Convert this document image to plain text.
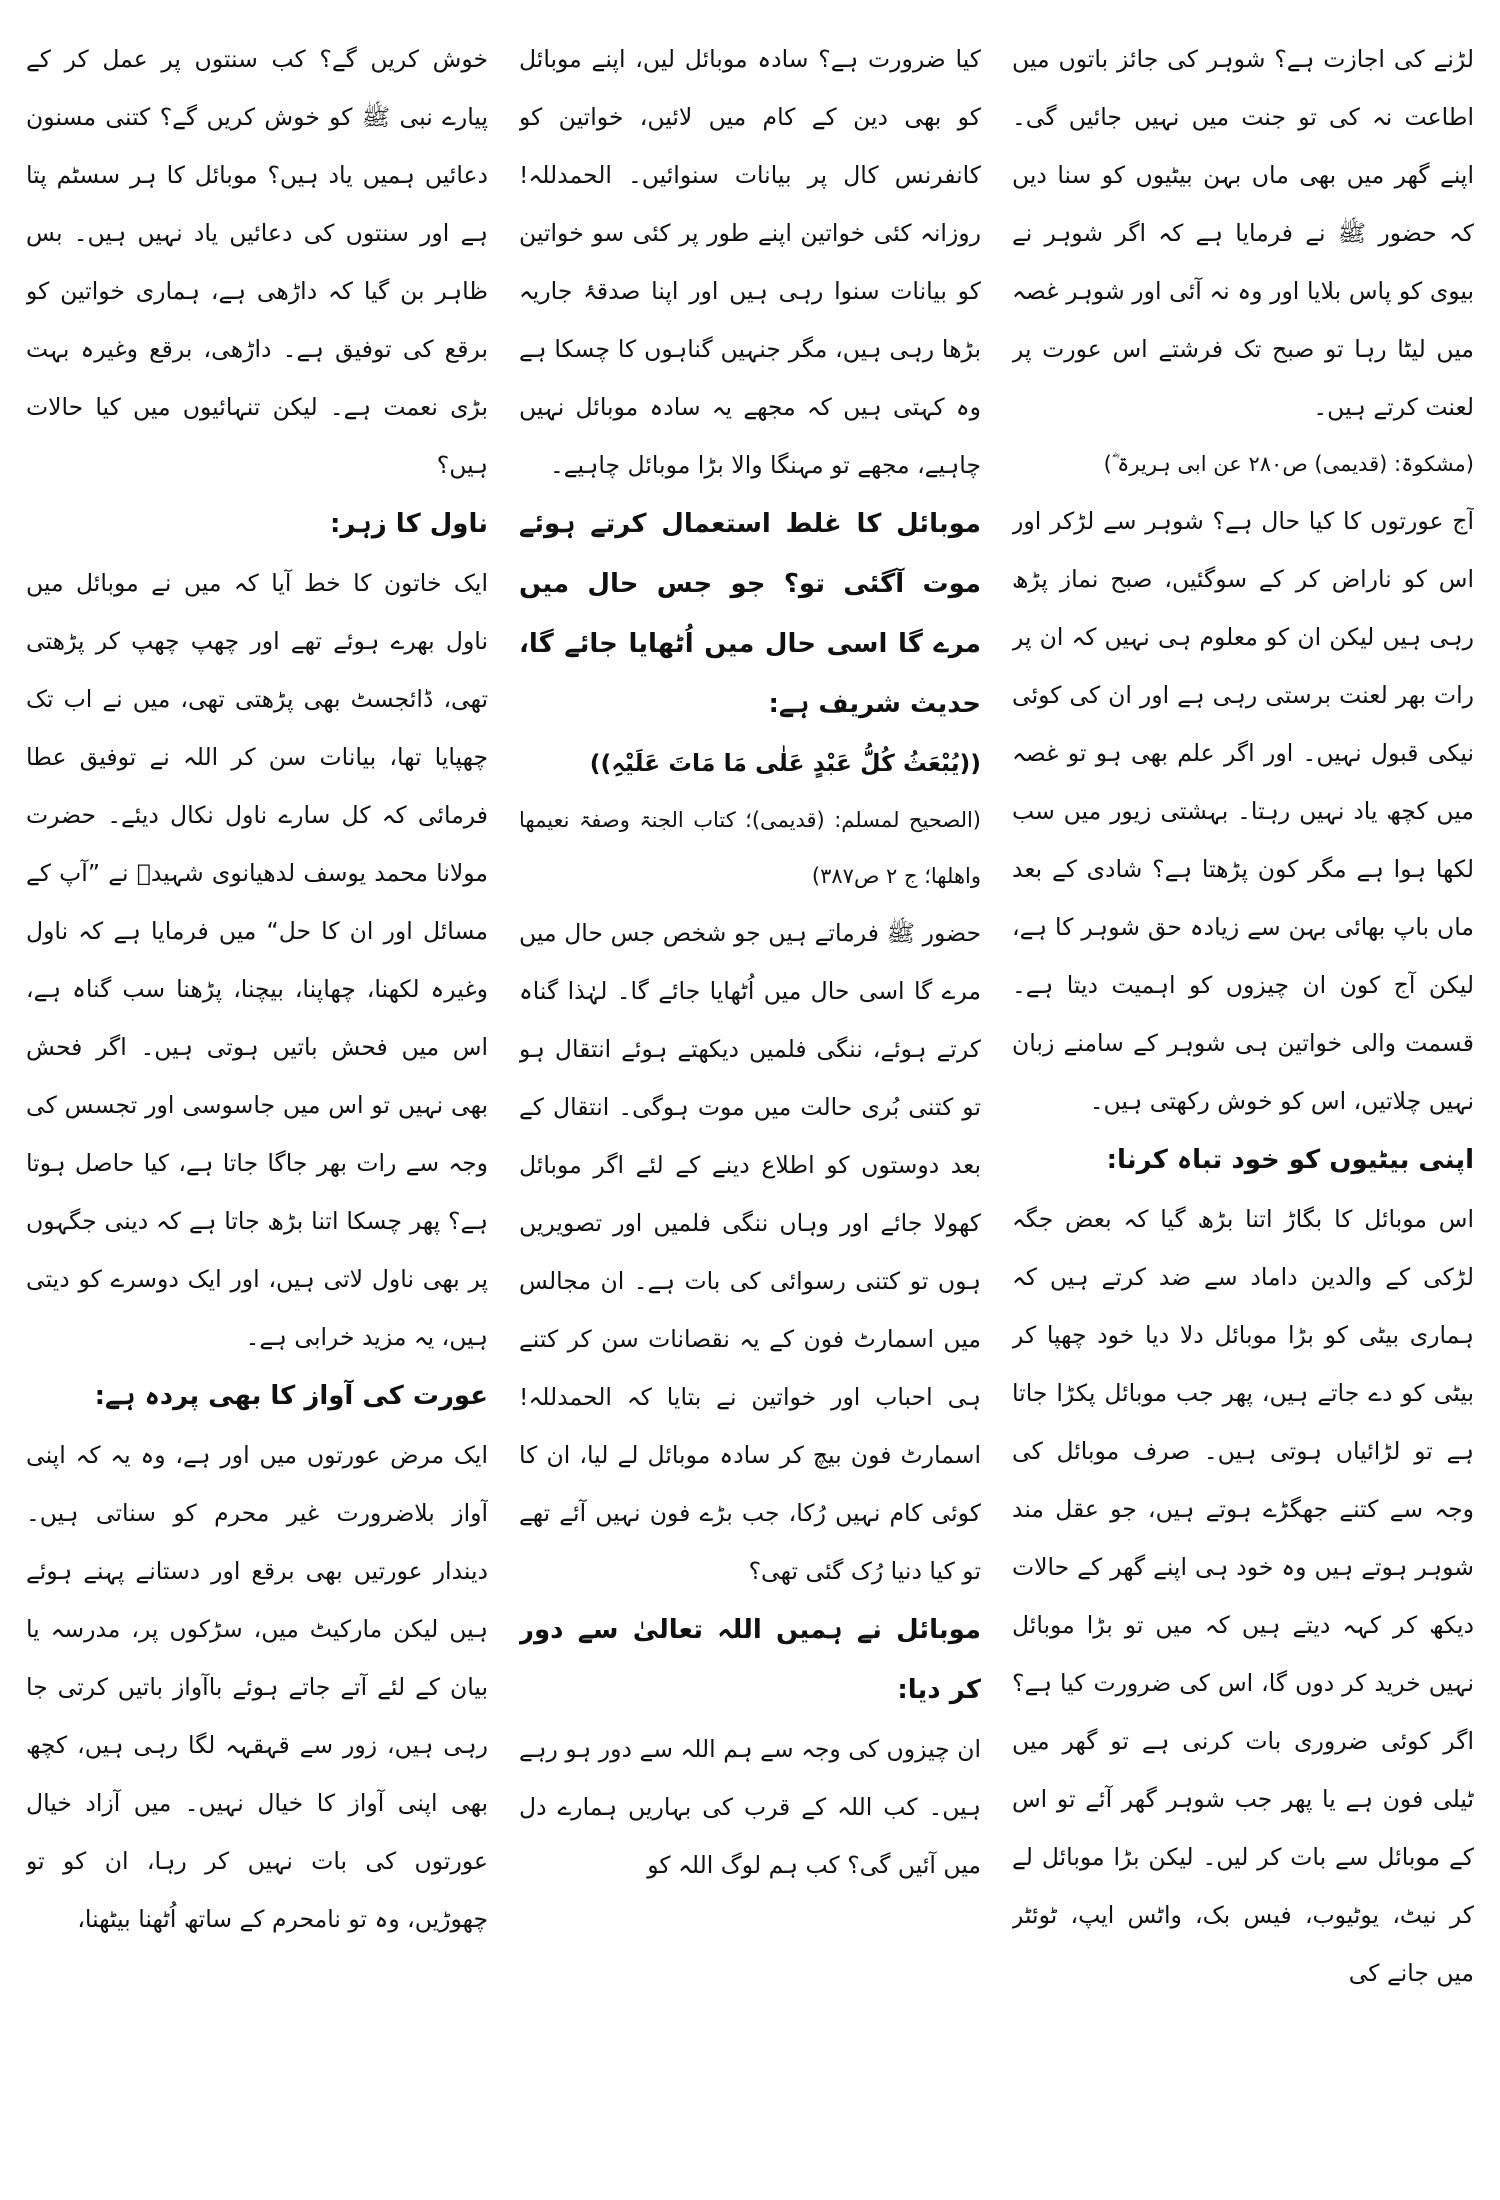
لڑنے کی اجازت ہے؟ شوہر کی جائز باتوں میں اطاعت نہ کی تو جنت میں نہیں جائیں گی۔ اپنے گھر میں بھی ماں بہن بیٹیوں کو سنا دیں کہ حضور ﷺ نے فرمایا ہے کہ اگر شوہر نے بیوی کو پاس بلایا اور وہ نہ آئی اور شوہر غصہ میں لیٹا رہا تو صبح تک فرشتے اس عورت پر لعنت کرتے ہیں۔

(مشکوۃ: (قدیمی) ص۲۸۰ عن ابی ہریرۃ ؓ)

آج عورتوں کا کیا حال ہے؟ شوہر سے لڑکر اور اس کو ناراض کر کے سوگئیں، صبح نماز پڑھ رہی ہیں لیکن ان کو معلوم ہی نہیں کہ ان پر رات بھر لعنت برستی رہی ہے اور ان کی کوئی نیکی قبول نہیں۔ اور اگر علم بھی ہو تو غصہ میں کچھ یاد نہیں رہتا۔ بہشتی زیور میں سب لکھا ہوا ہے مگر کون پڑھتا ہے؟ شادی کے بعد ماں باپ بھائی بہن سے زیادہ حق شوہر کا ہے، لیکن آج کون ان چیزوں کو اہمیت دیتا ہے۔ قسمت والی خواتین ہی شوہر کے سامنے زبان نہیں چلاتیں، اس کو خوش رکھتی ہیں۔

اپنی بیٹیوں کو خود تباہ کرنا:

اس موبائل کا بگاڑ اتنا بڑھ گیا کہ بعض جگہ لڑکی کے والدین داماد سے ضد کرتے ہیں کہ ہماری بیٹی کو بڑا موبائل دلا دیا خود چھپا کر بیٹی کو دے جاتے ہیں، پھر جب موبائل پکڑا جاتا ہے تو لڑائیاں ہوتی ہیں۔ صرف موبائل کی وجہ سے کتنے جھگڑے ہوتے ہیں، جو عقل مند شوہر ہوتے ہیں وہ خود ہی اپنے گھر کے حالات دیکھ کر کہہ دیتے ہیں کہ میں تو بڑا موبائل نہیں خرید کر دوں گا، اس کی ضرورت کیا ہے؟ اگر کوئی ضروری بات کرنی ہے تو گھر میں ٹیلی فون ہے یا پھر جب شوہر گھر آئے تو اس کے موبائل سے بات کر لیں۔ لیکن بڑا موبائل لے کر نیٹ، یوٹیوب، فیس بک، واٹس ایپ، ٹوئٹر میں جانے کی

کیا ضرورت ہے؟ سادہ موبائل لیں، اپنے موبائل کو بھی دین کے کام میں لائیں، خواتین کو کانفرنس کال پر بیانات سنوائیں۔ الحمدللہ! روزانہ کئی خواتین اپنے طور پر کئی سو خواتین کو بیانات سنوا رہی ہیں اور اپنا صدقۂ جاریہ بڑھا رہی ہیں، مگر جنہیں گناہوں کا چسکا ہے وہ کہتی ہیں کہ مجھے یہ سادہ موبائل نہیں چاہیے، مجھے تو مہنگا والا بڑا موبائل چاہیے۔

موبائل کا غلط استعمال کرتے ہوئے موت آگئی تو؟ جو جس حال میں مرے گا اسی حال میں اُٹھایا جائے گا، حدیث شریف ہے:

((یُبْعَثُ کُلُّ عَبْدٍ عَلٰی مَا مَاتَ عَلَیْہِ))

(الصحیح لمسلم: (قدیمی)؛ کتاب الجنۃ وصفۃ نعیمھا واھلھا؛ ج ۲ ص۳۸۷)

حضور ﷺ فرماتے ہیں جو شخص جس حال میں مرے گا اسی حال میں اُٹھایا جائے گا۔ لہٰذا گناہ کرتے ہوئے، ننگی فلمیں دیکھتے ہوئے انتقال ہو تو کتنی بُری حالت میں موت ہوگی۔ انتقال کے بعد دوستوں کو اطلاع دینے کے لئے اگر موبائل کھولا جائے اور وہاں ننگی فلمیں اور تصویریں ہوں تو کتنی رسوائی کی بات ہے۔ ان مجالس میں اسمارٹ فون کے یہ نقصانات سن کر کتنے ہی احباب اور خواتین نے بتایا کہ الحمدللہ! اسمارٹ فون بیچ کر سادہ موبائل لے لیا، ان کا کوئی کام نہیں رُکا، جب بڑے فون نہیں آئے تھے تو کیا دنیا رُک گئی تھی؟

موبائل نے ہمیں اللہ تعالیٰ سے دور کر دیا:

ان چیزوں کی وجہ سے ہم اللہ سے دور ہو رہے ہیں۔ کب اللہ کے قرب کی بہاریں ہمارے دل میں آئیں گی؟ کب ہم لوگ اللہ کو

خوش کریں گے؟ کب سنتوں پر عمل کر کے پیارے نبی ﷺ کو خوش کریں گے؟ کتنی مسنون دعائیں ہمیں یاد ہیں؟ موبائل کا ہر سسٹم پتا ہے اور سنتوں کی دعائیں یاد نہیں ہیں۔ بس ظاہر بن گیا کہ داڑھی ہے، ہماری خواتین کو برقع کی توفیق ہے۔ داڑھی، برقع وغیرہ بہت بڑی نعمت ہے۔ لیکن تنہائیوں میں کیا حالات ہیں؟

ناول کا زہر:

ایک خاتون کا خط آیا کہ میں نے موبائل میں ناول بھرے ہوئے تھے اور چھپ چھپ کر پڑھتی تھی، ڈائجسٹ بھی پڑھتی تھی، میں نے اب تک چھپایا تھا، بیانات سن کر اللہ نے توفیق عطا فرمائی کہ کل سارے ناول نکال دیئے۔ حضرت مولانا محمد یوسف لدھیانوی شہیدؒ نے ”آپ کے مسائل اور ان کا حل“ میں فرمایا ہے کہ ناول وغیرہ لکھنا، چھاپنا، بیچنا، پڑھنا سب گناہ ہے، اس میں فحش باتیں ہوتی ہیں۔ اگر فحش بھی نہیں تو اس میں جاسوسی اور تجسس کی وجہ سے رات بھر جاگا جاتا ہے، کیا حاصل ہوتا ہے؟ پھر چسکا اتنا بڑھ جاتا ہے کہ دینی جگہوں پر بھی ناول لاتی ہیں، اور ایک دوسرے کو دیتی ہیں، یہ مزید خرابی ہے۔

عورت کی آواز کا بھی پردہ ہے:

ایک مرض عورتوں میں اور ہے، وہ یہ کہ اپنی آواز بلاضرورت غیر محرم کو سناتی ہیں۔ دیندار عورتیں بھی برقع اور دستانے پہنے ہوئے ہیں لیکن مارکیٹ میں، سڑکوں پر، مدرسہ یا بیان کے لئے آتے جاتے ہوئے باآواز باتیں کرتی جا رہی ہیں، زور سے قہقہہ لگا رہی ہیں، کچھ بھی اپنی آواز کا خیال نہیں۔ میں آزاد خیال عورتوں کی بات نہیں کر رہا، ان کو تو چھوڑیں، وہ تو نامحرم کے ساتھ اُٹھنا بیٹھنا،
